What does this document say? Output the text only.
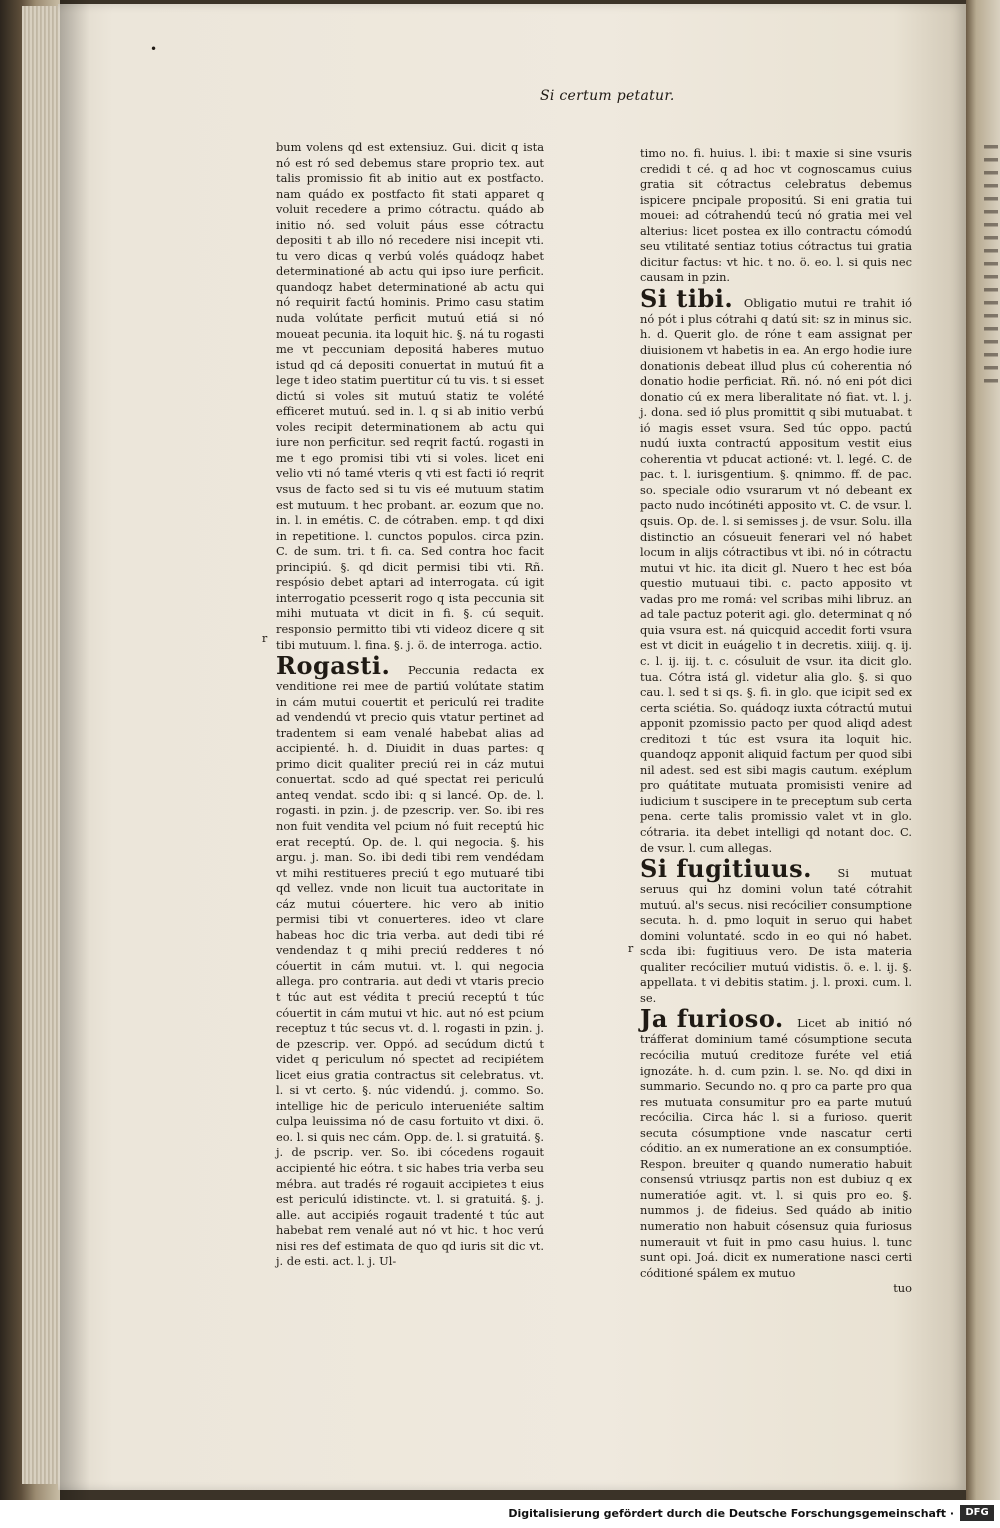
•
Si certum petatur.

bum volens qd est extensiuz. Gui. dicit q ista nó est ró sed debemus stare proprio tex. aut talis promissio fit ab initio aut ex postfacto. nam quádo ex postfacto fit stati apparet q voluit recedere a primo cótractu. quádo ab initio nó. sed voluit páus esse cótractu depositi t ab illo nó recedere nisi incepit vti. tu vero dicas q verbú volés quádoqz habet determinationé ab actu qui ipso iure perficit. quandoqz habet determinationé ab actu qui nó requirit factú hominis. Primo casu statim nuda volútate perficit mutuú etiá si nó moueat pecunia. ita loquit hic. §. ná tu rogasti me vt peccuniam depositá haberes mutuo istud qd cá depositi conuertat in mutuú fit a lege t ideo statim puertitur cú tu vis. t si esset dictú si voles sit mutuú statiz te volété efficeret mutuú. sed in. l. q si ab initio verbú voles recipit determinationem ab actu qui iure non perficitur. sed reqrit factú. rogasti in me t ego promisi tibi vti si voles. licet eni velio vti nó tamé vteris q vti est facti ió reqrit vsus de facto sed si tu vis eé mutuum statim est mutuum. t hec probant. ar. eozum que no. in. l. in emétis. C. de cótraben. emp. t qd dixi in repetitione. l. cunctos populos. circa pzin. C. de sum. tri. t fi. ca. Sed contra hoc facit principiú. §. qd dicit permisi tibi vti. Rñ. respósio debet aptari ad interrogata. cú igit interrogatio pcesserit rogo q ista peccunia sit mihi mutuata vt dicit in fi. §. cú sequit. responsio permitto tibi vti videoz dicere q sit tibi mutuum. l. fina. §. j. ö. de interroga. actio.

Rogasti. Peccunia redacta ex venditione rei mee de partiú volútate statim in cám mutui couertit et periculú rei tradite ad vendendú vt precio quis vtatur pertinet ad tradentem si eam venalé habebat alias ad accipienté. h. d. Diuidit in duas partes: q primo dicit qualiter preciú rei in cáz mutui conuertat. scdo ad qué spectat rei periculú anteq vendat. scdo ibi: q si lancé. Op. de. l. rogasti. in pzin. j. de pzescrip. ver. So. ibi res non fuit vendita vel pcium nó fuit receptú hic erat receptú. Op. de. l. qui negocia. §. his argu. j. man. So. ibi dedi tibi rem vendédam vt mihi restitueres preciú t ego mutuaré tibi qd vellez. vnde non licuit tua auctoritate in cáz mutui cóuertere. hic vero ab initio permisi tibi vt conuerteres. ideo vt clare habeas hoc dic tria verba. aut dedi tibi ré vendendaz t q mihi preciú redderes t nó cóuertit in cám mutui. vt. l. qui negocia allega. pro contraria. aut dedi vt vtaris precio t túc aut est védita t preciú receptú t túc cóuertit in cám mutui vt hic. aut nó est pcium receptuz t túc secus vt. d. l. rogasti in pzin. j. de pzescrip. ver. Oppó. ad secúdum dictú t videt q periculum nó spectet ad recipiétem licet eius gratia contractus sit celebratus. vt. l. si vt certo. §. núc videndú. j. commo. So. intellige hic de periculo interueniéte saltim culpa leuissima nó de casu fortuito vt dixi. ö. eo. l. si quis nec cám. Opp. de. l. si gratuitá. §. j. de pscrip. ver. So. ibi cócedens rogauit accipienté hic eótra. t sic habes tria verba seu mébra. aut tradés ré rogauit accipieteз t eius est periculú idistincte. vt. l. si gratuitá. §. j. alle. aut accipiés rogauit tradenté t túc aut habebat rem venalé aut nó vt hic. t hoc verú nisi res def estimata de quo qd iuris sit dic vt. j. de esti. act. l. j. Ul-

r

timo no. fi. huius. l. ibi: t maxie si sine vsuris credidi t cé. q ad hoc vt cognoscamus cuius gratia sit cótractus celebratus debemus ispicere pncipale propositú. Si eni gratia tui mouei: ad cótrahendú tecú nó gratia mei vel alterius: licet postea ex illo contractu cómodú seu vtilitaté sentiaz totius cótractus tui gratia dicitur factus: vt hic. t no. ö. eo. l. si quis nec causam in pzin.

Si tibi. Obligatio mutui re trahit ió nó pót i plus cótrahi q datú sit: sz in minus sic. h. d. Querit glo. de róne t eam assignat per diuisionem vt habetis in ea. An ergo hodie iure donationis debeat illud plus cú coherentia nó donatio hodie perficiat. Rñ. nó. nó eni pót dici donatio cú ex mera liberalitate nó fiat. vt. l. j. j. dona. sed ió plus promittit q sibi mutuabat. t ió magis esset vsura. Sed túc oppo. pactú nudú iuxta contractú appositum vestit eius coherentia vt pducat actioné: vt. l. legé. C. de pac. t. l. iurisgentium. §. qnimmo. ff. de pac. so. speciale odio vsurarum vt nó debeant ex pacto nudo incótinéti apposito vt. C. de vsur. l. qsuis. Op. de. l. si semisses j. de vsur. Solu. illa distinctio an cósueuit fenerari vel nó habet locum in alijs cótractibus vt ibi. nó in cótractu mutui vt hic. ita dicit gl. Nuero t hec est bóa questio mutuaui tibi. c. pacto apposito vt vadas pro me romá: vel scribas mihi libruz. an ad tale pactuz poterit agi. glo. determinat q nó quia vsura est. ná quicquid accedit forti vsura est vt dicit in euágelio t in decretis. xiiij. q. ij. c. l. ij. iij. t. c. cósuluit de vsur. ita dicit glo. tua. Cótra istá gl. videtur alia glo. §. si quo cau. l. sed t si qs. §. fi. in glo. que icipit sed ex certa sciétia. So. quádoqz iuxta cótractú mutui apponit pzomissio pacto per quod aliqd adest creditozi t túc est vsura ita loquit hic. quandoqz apponit aliquid factum per quod sibi nil adest. sed est sibi magis cautum. exéplum pro quátitate mutuata promisisti venire ad iudicium t suscipere in te preceptum sub certa pena. certe talis promissio valet vt in glo. cótraria. ita debet intelligi qd notant doc. C. de vsur. l. cum allegas.

Si fugitiuus. Si mutuat seruus qui hz domini volun taté cótrahit mutuú. al's secus. nisi recócilieт consumptione secuta. h. d. pmo loquit in seruo qui habet domini voluntaté. scdo in eo qui nó habet. scda ibi: fugitiuus vero. De ista materia qualiter recócilieт mutuú vidistis. ö. e. l. ij. §. appellata. t vi debitis statim. j. l. proxi. cum. l. se.

Ja furioso. Licet ab initió nó tráfferat dominium tamé cósumptione secuta recócilia mutuú creditoze furéte vel etiá ignozáte. h. d. cum pzin. l. se. No. qd dixi in summario. Secundo no. q pro ca parte pro qua res mutuata consumitur pro ea parte mutuú recócilia. Circa hác l. si a furioso. querit secuta cósumptione vnde nascatur certi códitio. an ex numeratione an ex consumptióe. Respon. breuiter q quando numeratio habuit consensú vtriusqz partis non est dubiuz q ex numeratióe agit. vt. l. si quis pro eo. §. nummos j. de fideius. Sed quádo ab initio numeratio non habuit cósensuz quia furiosus numerauit vt fuit in pmo casu huius. l. tunc sunt opi. Joá. dicit ex numeratione nasci certi códitioné spálem ex mutuo

tuo

r
Digitalisierung gefördert durch die Deutsche Forschungsgemeinschaft ·	DFG
